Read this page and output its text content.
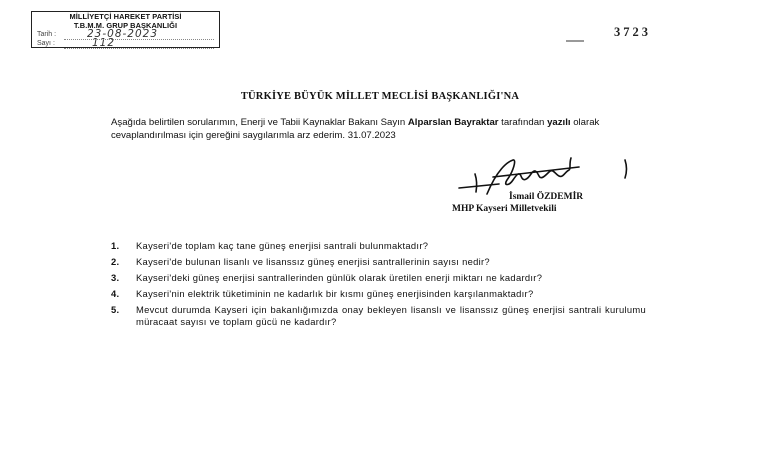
MİLLİYETÇİ HAREKET PARTİSİ
T.B.M.M. GRUP BAŞKANLIĞI
Tarih :	23-08-2023
Sayı :	112
3723
TÜRKİYE BÜYÜK MİLLET MECLİSİ BAŞKANLIĞI'NA
Aşağıda belirtilen sorularımın, Enerji ve Tabii Kaynaklar Bakanı Sayın Alparslan Bayraktar tarafından yazılı olarak cevaplandırılması için gereğini saygılarımla arz ederim. 31.07.2023
İsmail ÖZDEMİR
MHP Kayseri Milletvekili
1. Kayseri'de toplam kaç tane güneş enerjisi santrali bulunmaktadır?
2. Kayseri'de bulunan lisanlı ve lisanssız güneş enerjisi santrallerinin sayısı nedir?
3. Kayseri'deki güneş enerjisi santrallerinden günlük olarak üretilen enerji miktarı ne kadardır?
4. Kayseri'nin elektrik tüketiminin ne kadarlık bir kısmı güneş enerjisinden karşılanmaktadır?
5. Mevcut durumda Kayseri için bakanlığımızda onay bekleyen lisanslı ve lisanssız güneş enerjisi santrali kurulumu müracaat sayısı ve toplam gücü ne kadardır?
